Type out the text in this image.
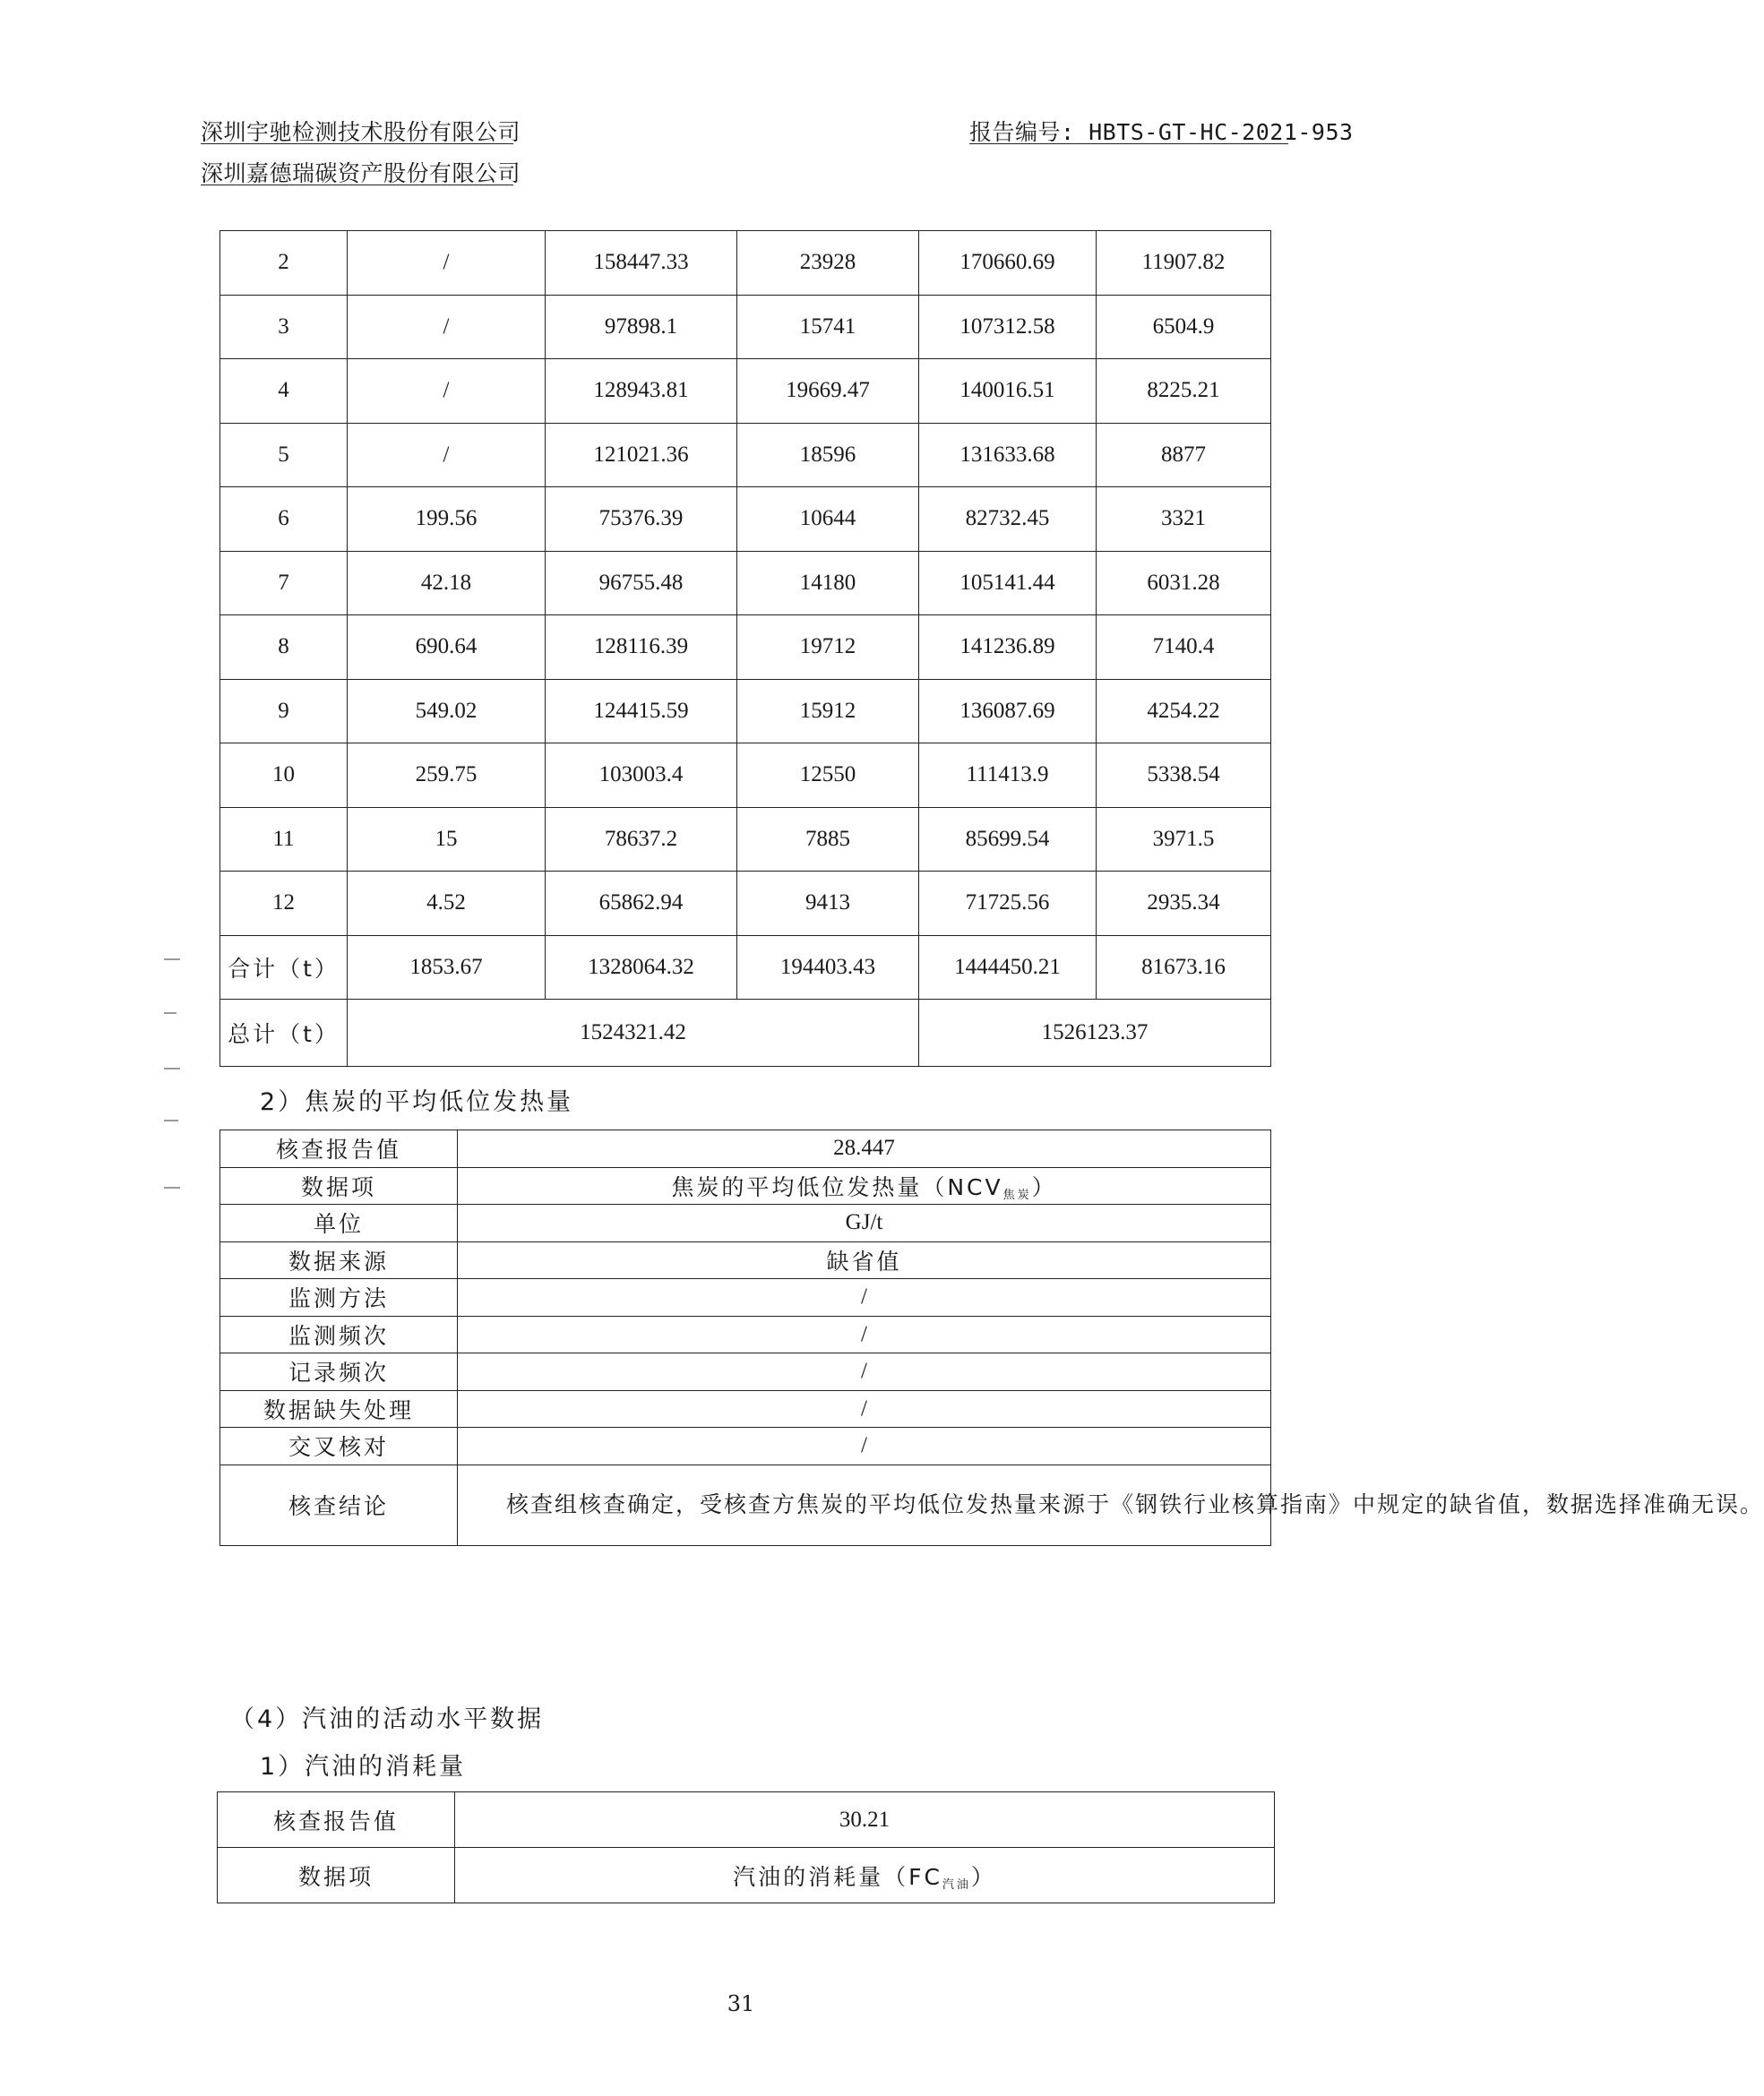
深圳宇驰检测技术股份有限公司
深圳嘉德瑞碳资产股份有限公司
报告编号: HBTS-GT-HC-2021-953
2	/	158447.33	23928	170660.69	11907.82
3	/	97898.1	15741	107312.58	6504.9
4	/	128943.81	19669.47	140016.51	8225.21
5	/	121021.36	18596	131633.68	8877
6	199.56	75376.39	10644	82732.45	3321
7	42.18	96755.48	14180	105141.44	6031.28
8	690.64	128116.39	19712	141236.89	7140.4
9	549.02	124415.59	15912	136087.69	4254.22
10	259.75	103003.4	12550	111413.9	5338.54
11	15	78637.2	7885	85699.54	3971.5
12	4.52	65862.94	9413	71725.56	2935.34
合计（t）	1853.67	1328064.32	194403.43	1444450.21	81673.16
总计（t）	1524321.42			1526123.37	
2）焦炭的平均低位发热量
核查报告值	28.447
数据项	焦炭的平均低位发热量$(NCV_{焦炭})$
单位	GJ/t
数据来源	缺省值
监测方法	/
监测频次	/
记录频次	/
数据缺失处理	/
交叉核对	/
核查结论	核查组核查确定，受核查方焦炭的平均低位发热量来源于《钢铁行业核算指南》中规定的缺省值，数据选择准确无误。
（4）汽油的活动水平数据
1）汽油的消耗量
核查报告值	30.21
数据项	汽油的消耗量$(FC_{汽油})$
31
